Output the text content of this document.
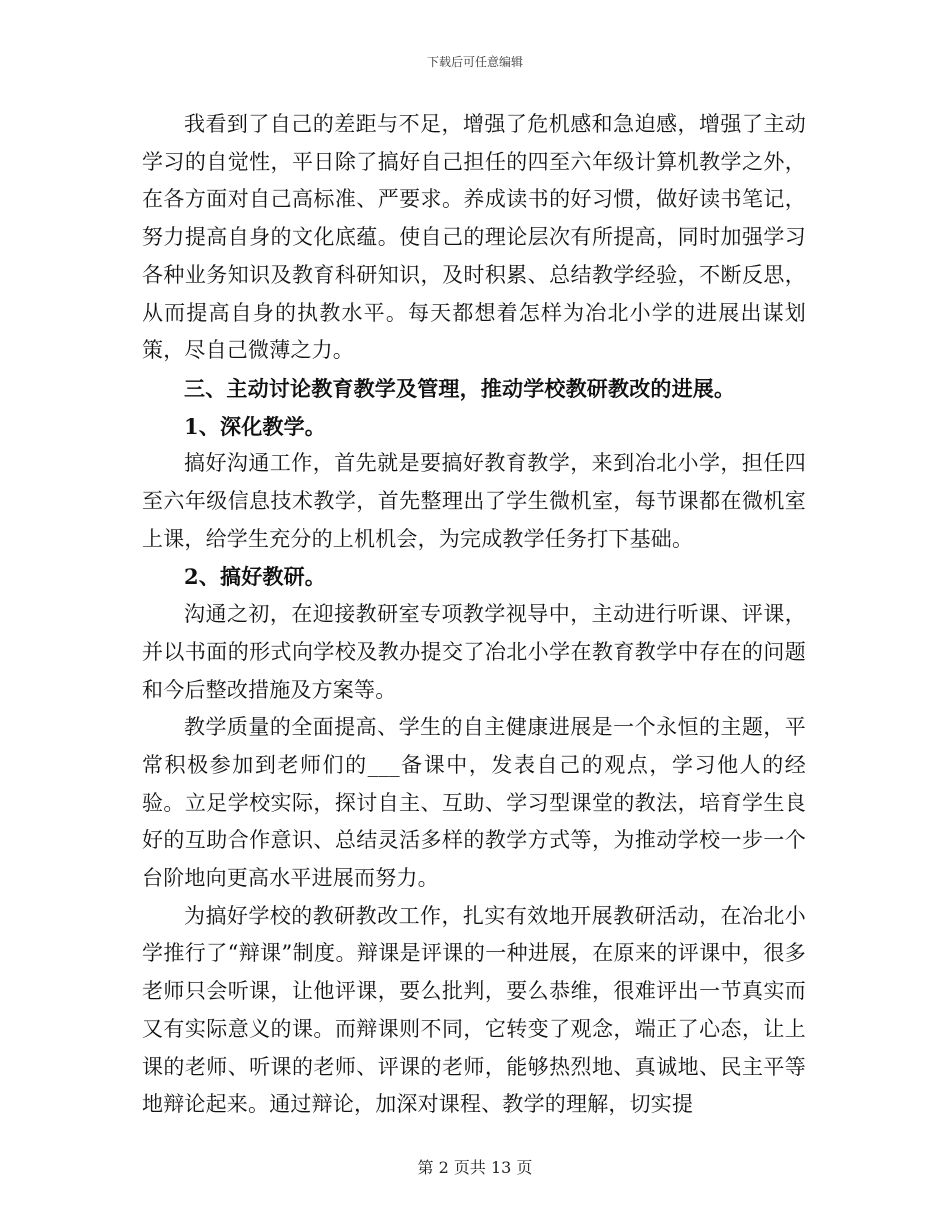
下载后可任意编辑

我看到了自己的差距与不足，增强了危机感和急迫感，增强了主动学习的自觉性，平日除了搞好自己担任的四至六年级计算机教学之外，在各方面对自己高标准、严要求。养成读书的好习惯，做好读书笔记，努力提高自身的文化底蕴。使自己的理论层次有所提高，同时加强学习各种业务知识及教育科研知识，及时积累、总结教学经验，不断反思，从而提高自身的执教水平。每天都想着怎样为冶北小学的进展出谋划策，尽自己微薄之力。

三、主动讨论教育教学及管理，推动学校教研教改的进展。

1、深化教学。

搞好沟通工作，首先就是要搞好教育教学，来到冶北小学，担任四至六年级信息技术教学，首先整理出了学生微机室，每节课都在微机室上课，给学生充分的上机机会，为完成教学任务打下基础。

2、搞好教研。

沟通之初，在迎接教研室专项教学视导中，主动进行听课、评课，并以书面的形式向学校及教办提交了冶北小学在教育教学中存在的问题和今后整改措施及方案等。

教学质量的全面提高、学生的自主健康进展是一个永恒的主题，平常积极参加到老师们的___备课中，发表自己的观点，学习他人的经验。立足学校实际，探讨自主、互助、学习型课堂的教法，培育学生良好的互助合作意识、总结灵活多样的教学方式等，为推动学校一步一个台阶地向更高水平进展而努力。

为搞好学校的教研教改工作，扎实有效地开展教研活动，在冶北小学推行了“辩课”制度。辩课是评课的一种进展，在原来的评课中，很多老师只会听课，让他评课，要么批判，要么恭维，很难评出一节真实而又有实际意义的课。而辩课则不同，它转变了观念，端正了心态，让上课的老师、听课的老师、评课的老师，能够热烈地、真诚地、民主平等地辩论起来。通过辩论，加深对课程、教学的理解，切实提

第 2 页共 13 页
